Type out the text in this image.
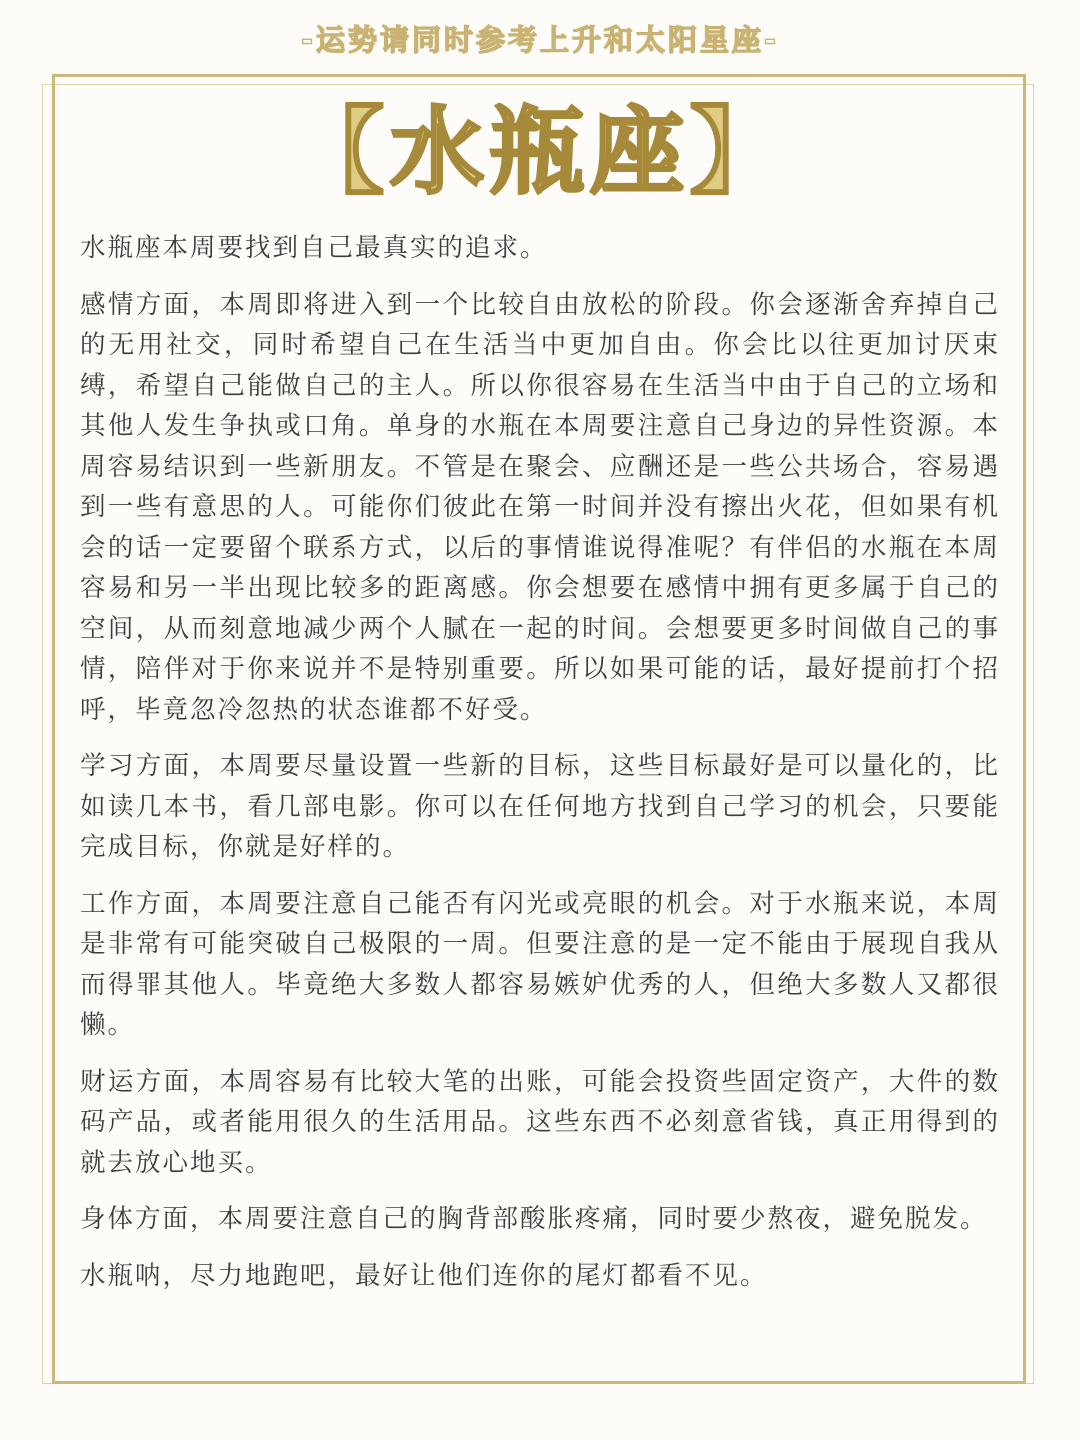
-运势请同时参考上升和太阳星座-
【水瓶座】

水瓶座本周要找到自己最真实的追求。

感情方面，本周即将进入到一个比较自由放松的阶段。你会逐渐舍弃掉自己的无用社交，同时希望自己在生活当中更加自由。你会比以往更加讨厌束缚，希望自己能做自己的主人。所以你很容易在生活当中由于自己的立场和其他人发生争执或口角。单身的水瓶在本周要注意自己身边的异性资源。本周容易结识到一些新朋友。不管是在聚会、应酬还是一些公共场合，容易遇到一些有意思的人。可能你们彼此在第一时间并没有擦出火花，但如果有机会的话一定要留个联系方式，以后的事情谁说得准呢？有伴侣的水瓶在本周容易和另一半出现比较多的距离感。你会想要在感情中拥有更多属于自己的空间，从而刻意地减少两个人腻在一起的时间。会想要更多时间做自己的事情，陪伴对于你来说并不是特别重要。所以如果可能的话，最好提前打个招呼，毕竟忽冷忽热的状态谁都不好受。

学习方面，本周要尽量设置一些新的目标，这些目标最好是可以量化的，比如读几本书，看几部电影。你可以在任何地方找到自己学习的机会，只要能完成目标，你就是好样的。

工作方面，本周要注意自己能否有闪光或亮眼的机会。对于水瓶来说，本周是非常有可能突破自己极限的一周。但要注意的是一定不能由于展现自我从而得罪其他人。毕竟绝大多数人都容易嫉妒优秀的人，但绝大多数人又都很懒。

财运方面，本周容易有比较大笔的出账，可能会投资些固定资产，大件的数码产品，或者能用很久的生活用品。这些东西不必刻意省钱，真正用得到的就去放心地买。

身体方面，本周要注意自己的胸背部酸胀疼痛，同时要少熬夜，避免脱发。

水瓶呐，尽力地跑吧，最好让他们连你的尾灯都看不见。
